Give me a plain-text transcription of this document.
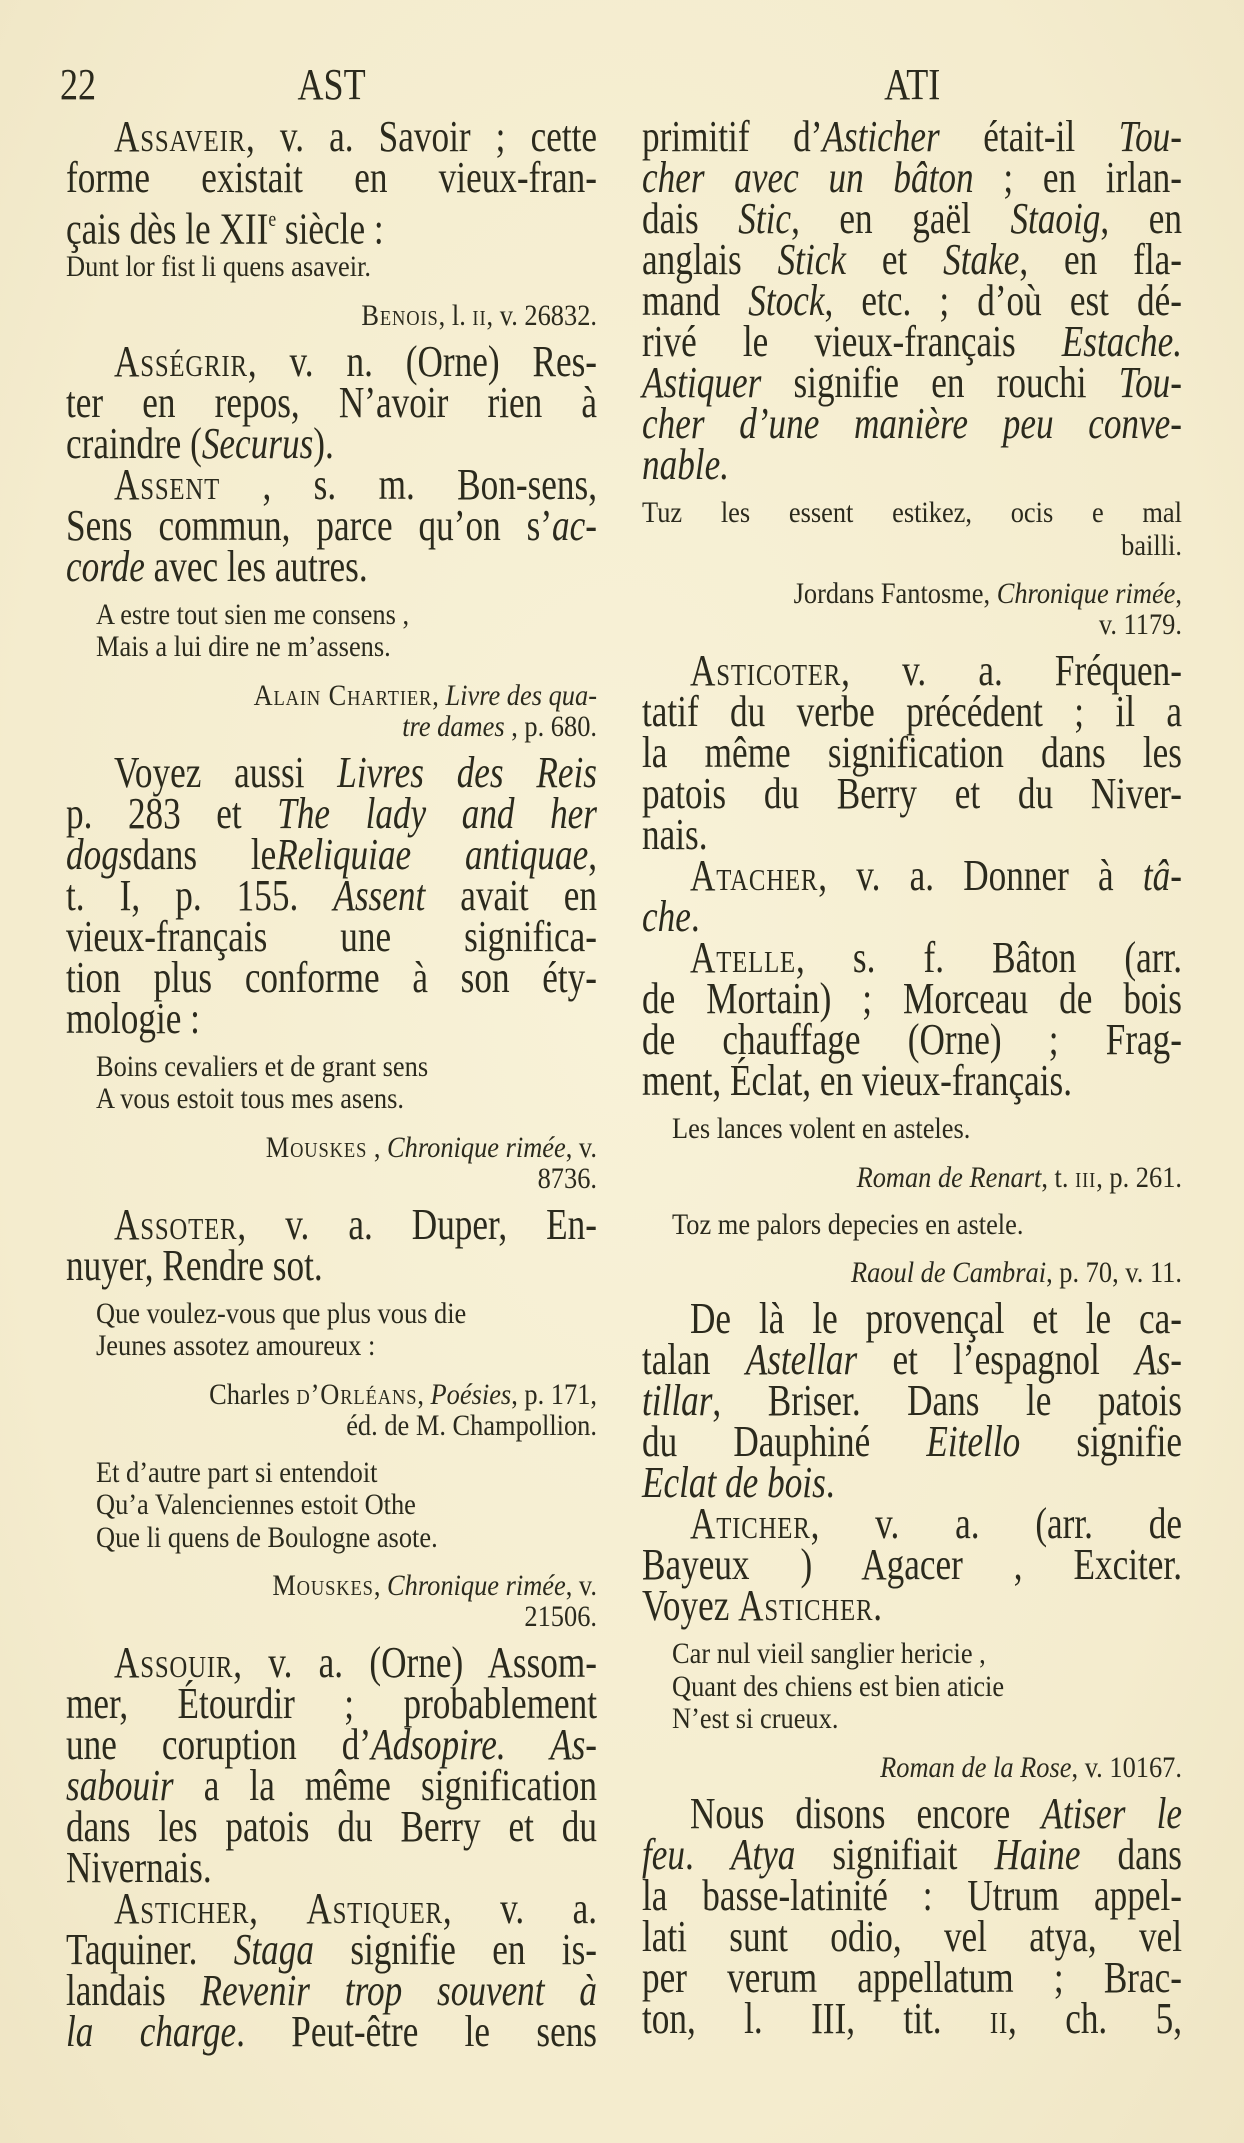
22	AST	ATI
Assaveir, v. a. Savoir ; cette
forme existait en vieux-fran-
çais dès le XIIe siècle :
Dunt lor fist li quens asaveir.
Benois, l. ii, v. 26832.
Asségrir, v. n. (Orne) Res-
ter en repos, N’avoir rien à
craindre (Securus).
Assent , s. m. Bon-sens,
Sens commun, parce qu’on s’ac-
corde avec les autres.
A estre tout sien me consens ,
Mais a lui dire ne m’assens.
Alain Chartier, Livre des qua-
tre dames , p. 680.
Voyez aussi Livres des Reis
p. 283 et The lady and her
dogsdans leReliquiae antiquae,
t. I, p. 155. Assent avait en
vieux-français une significa-
tion plus conforme à son éty-
mologie :
Boins cevaliers et de grant sens
A vous estoit tous mes asens.
Mouskes , Chronique rimée, v.
8736.
Assoter, v. a. Duper, En-
nuyer, Rendre sot.
Que voulez-vous que plus vous die
Jeunes assotez amoureux :
Charles d’Orléans, Poésies, p. 171,
éd. de M. Champollion.
Et d’autre part si entendoit
Qu’a Valenciennes estoit Othe
Que li quens de Boulogne asote.
Mouskes, Chronique rimée, v.
21506.
Assouir, v. a. (Orne) Assom-
mer, Étourdir ; probablement
une coruption d’Adsopire. As-
sabouir a la même signification
dans les patois du Berry et du
Nivernais.
Asticher, Astiquer, v. a.
Taquiner. Staga signifie en is-
landais Revenir trop souvent à
la charge. Peut-être le sens
primitif d’Asticher était-il Tou-
cher avec un bâton ; en irlan-
dais Stic, en gaël Staoig, en
anglais Stick et Stake, en fla-
mand Stock, etc. ; d’où est dé-
rivé le vieux-français Estache.
Astiquer signifie en rouchi Tou-
cher d’une manière peu conve-
nable.
Tuz les essent estikez, ocis e mal
bailli.
Jordans Fantosme, Chronique rimée,
v. 1179.
Asticoter, v. a. Fréquen-
tatif du verbe précédent ; il a
la même signification dans les
patois du Berry et du Niver-
nais.
Atacher, v. a. Donner à tâ-
che.
Atelle, s. f. Bâton (arr.
de Mortain) ; Morceau de bois
de chauffage (Orne) ; Frag-
ment, Éclat, en vieux-français.
Les lances volent en asteles.
Roman de Renart, t. iii, p. 261.
Toz me palors depecies en astele.
Raoul de Cambrai, p. 70, v. 11.
De là le provençal et le ca-
talan Astellar et l’espagnol As-
tillar, Briser. Dans le patois
du Dauphiné Eitello signifie
Eclat de bois.
Aticher, v. a. (arr. de
Bayeux ) Agacer , Exciter.
Voyez Asticher.
Car nul vieil sanglier hericie ,
Quant des chiens est bien aticie
N’est si crueux.
Roman de la Rose, v. 10167.
Nous disons encore Atiser le
feu. Atya signifiait Haine dans
la basse-latinité : Utrum appel-
lati sunt odio, vel atya, vel
per verum appellatum ; Brac-
ton, l. III, tit. ii, ch. 5,
